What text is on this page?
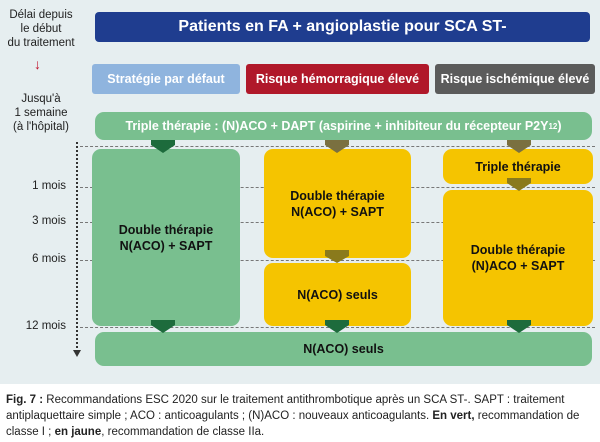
Délai depuis
le début
du traitement
↓
Jusqu'à
1 semaine
(à l'hôpital)
Patients en FA + angioplastie pour SCA ST-
Stratégie par défaut	Risque hémorragique élevé	Risque ischémique élevé
Triple thérapie : (N)ACO + DAPT (aspirine + inhibiteur du récepteur P2Y 12 )
1 mois
3 mois
6 mois
12 mois
Double thérapie
N(ACO) + SAPT
Double thérapie
N(ACO) + SAPT
N(ACO) seuls
Triple thérapie
Double thérapie
(N)ACO + SAPT
N(ACO) seuls
Fig. 7 : Recommandations ESC 2020 sur le traitement antithrombotique après un SCA ST-. SAPT : traitement antiplaquettaire simple ; ACO : anticoagulants ; (N)ACO : nouveaux anticoagulants. En vert, recommandation de classe I ; en jaune, recommandation de classe IIa.
